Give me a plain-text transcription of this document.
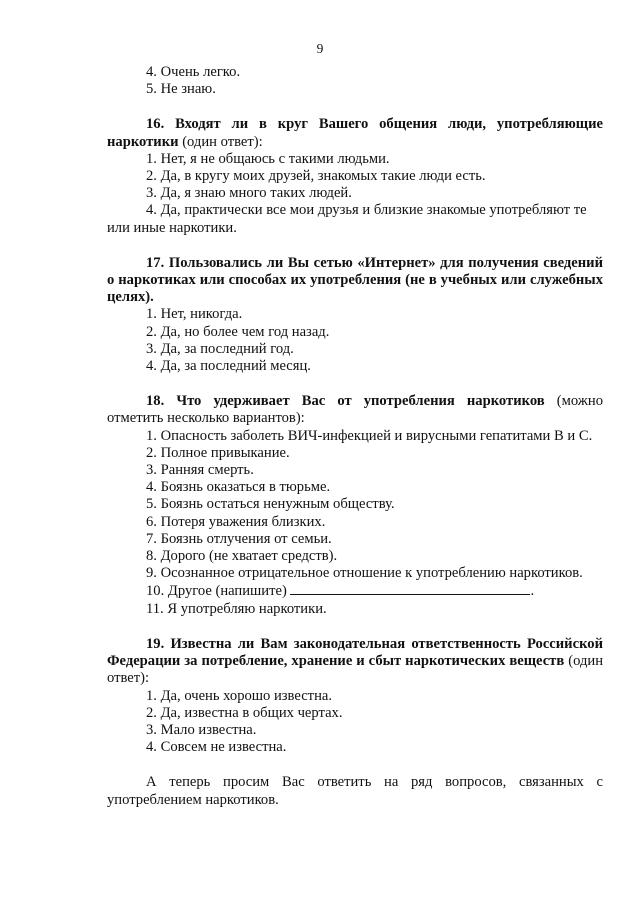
9
4. Очень легко.
5. Не знаю.
16. Входят ли в круг Вашего общения люди, употребляющие наркотики (один ответ):
1. Нет, я не общаюсь с такими людьми.
2. Да, в кругу моих друзей, знакомых такие люди есть.
3. Да, я знаю много таких людей.
4. Да, практически все мои друзья и близкие знакомые употребляют те
или иные наркотики.
17. Пользовались ли Вы сетью «Интернет» для получения сведений о наркотиках или способах их употребления (не в учебных или служебных целях).
1. Нет, никогда.
2. Да, но более чем год назад.
3. Да, за последний год.
4. Да, за последний месяц.
18. Что удерживает Вас от употребления наркотиков (можно отметить несколько вариантов):
1. Опасность заболеть ВИЧ-инфекцией и вирусными гепатитами В и С.
2. Полное привыкание.
3. Ранняя смерть.
4. Боязнь оказаться в тюрьме.
5. Боязнь остаться ненужным обществу.
6. Потеря уважения близких.
7. Боязнь отлучения от семьи.
8. Дорого (не хватает средств).
9. Осознанное отрицательное отношение к употреблению наркотиков.
10. Другое (напишите)	.
11. Я употребляю наркотики.
19. Известна ли Вам законодательная ответственность Российской Федерации за потребление, хранение и сбыт наркотических веществ (один ответ):
1. Да, очень хорошо известна.
2. Да, известна в общих чертах.
3. Мало известна.
4. Совсем не известна.
А теперь просим Вас ответить на ряд вопросов, связанных с употреблением наркотиков.
